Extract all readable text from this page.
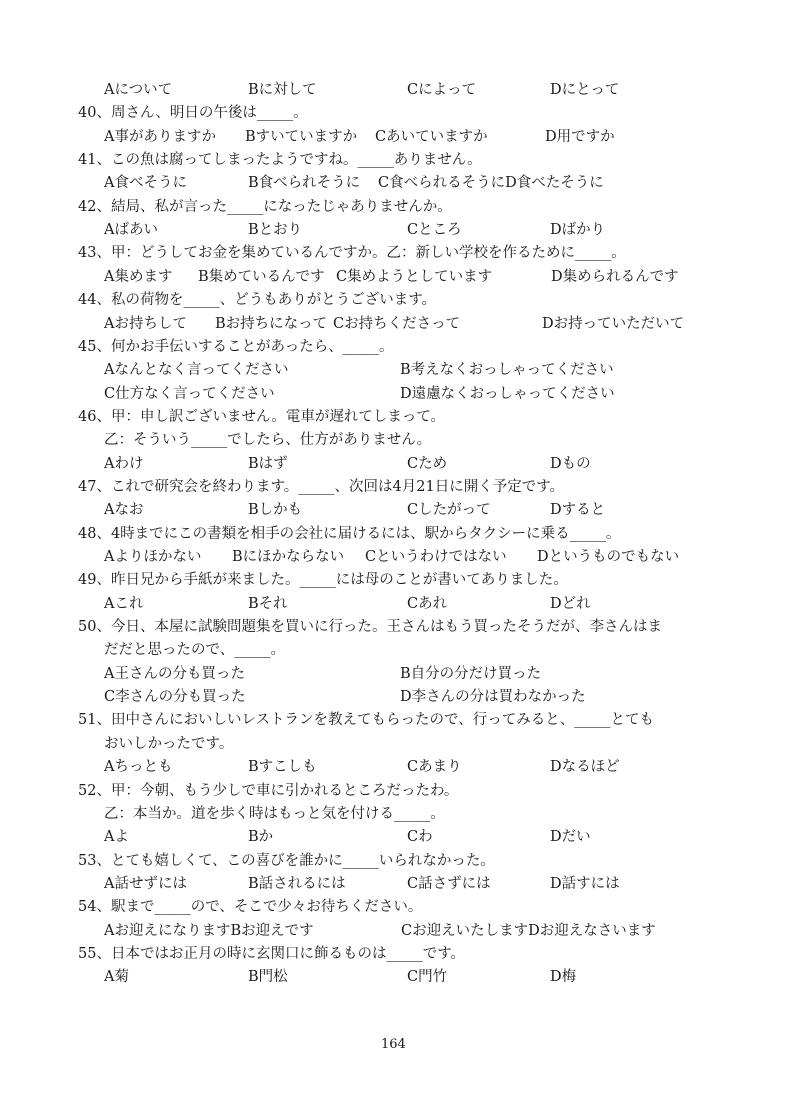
Aについて	Bに対して	Cによって	Dにとって
40、周さん、明日の午後は_____。
A事がありますか Bすいていますか Cあいていますか	D用ですか
41、この魚は腐ってしまったようですね。_____ありません。
A食べそうに	B食べられそうに C食べられるそうにD食べたそうに
42、結局、私が言った_____になったじゃありませんか。
Aばあい	Bとおり	Cところ	Dばかり
43、甲：どうしてお金を集めているんですか。乙：新しい学校を作るために_____。
A集めます B集めているんです C集めようとしています	D集められるんです
44、私の荷物を_____、どうもありがとうございます。
Aお持ちして Bお持ちになって Cお持ちくださって	Dお持っていただいて
45、何かお手伝いすることがあったら、_____。
Aなんとなく言ってください	B考えなくおっしゃってください
C仕方なく言ってください	D遠慮なくおっしゃってください
46、甲：申し訳ございません。電車が遅れてしまって。
乙：そういう_____でしたら、仕方がありません。
Aわけ	Bはず	Cため	Dもの
47、これで研究会を終わります。_____、次回は4月21日に開く予定です。
Aなお	Bしかも	Cしたがって	Dすると
48、4時までにこの書類を相手の会社に届けるには、駅からタクシーに乗る_____。
Aよりほかない Bにほかならない Cというわけではない Dというものでもない
49、昨日兄から手紙が来ました。_____には母のことが書いてありました。
Aこれ	Bそれ	Cあれ	Dどれ
50、今日、本屋に試験問題集を買いに行った。王さんはもう買ったそうだが、李さんはま
だだと思ったので、_____。
A王さんの分も買った	B自分の分だけ買った
C李さんの分も買った	D李さんの分は買わなかった
51、田中さんにおいしいレストランを教えてもらったので、行ってみると、_____とても
おいしかったです。
Aちっとも	Bすこしも	Cあまり	Dなるほど
52、甲：今朝、もう少しで車に引かれるところだったわ。
乙：本当か。道を歩く時はもっと気を付ける_____。
Aよ	Bか	Cわ	Dだい
53、とても嬉しくて、この喜びを誰かに_____いられなかった。
A話せずには	B話されるには	C話さずには	D話すには
54、駅まで_____ので、そこで少々お待ちください。
Aお迎えになりますBお迎えです	Cお迎えいたしますDお迎えなさいます
55、日本ではお正月の時に玄関口に飾るものは_____です。
A菊	B門松	C門竹	D梅
164
